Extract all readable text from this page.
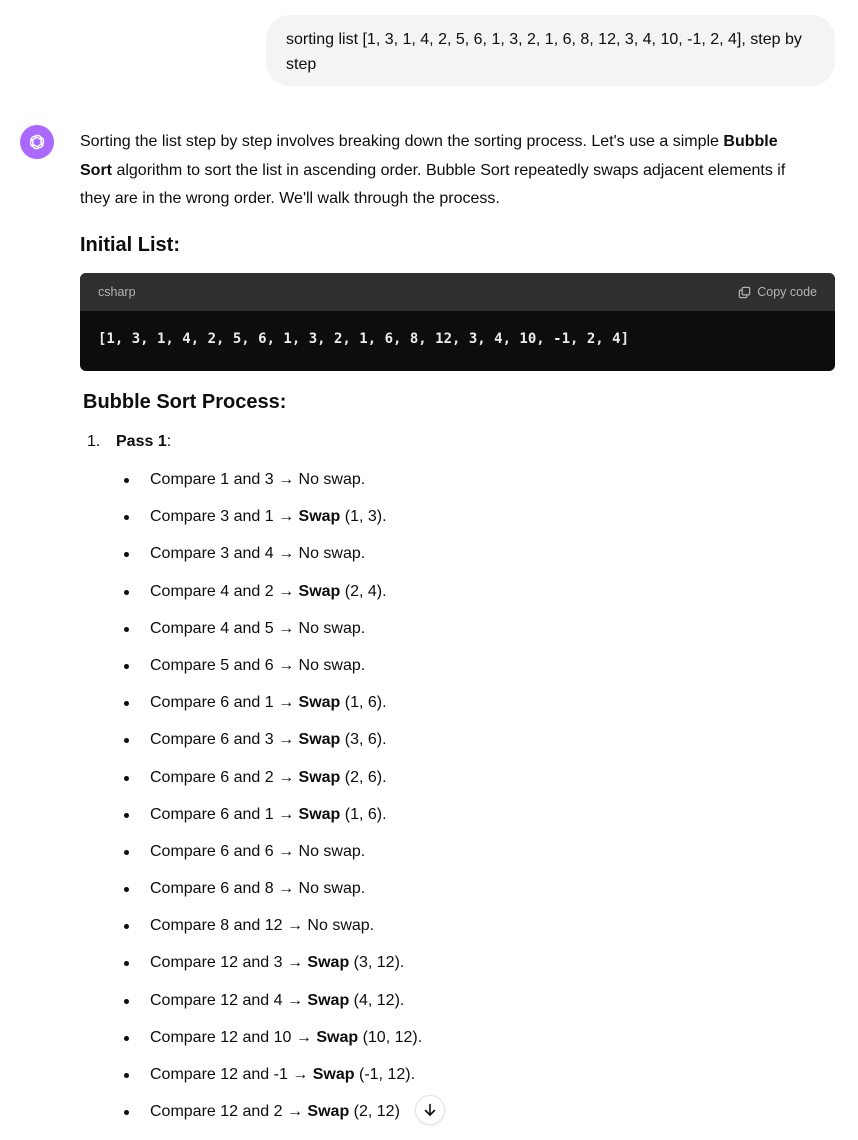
sorting list [1, 3, 1, 4, 2, 5, 6, 1, 3, 2, 1, 6, 8, 12, 3, 4, 10, -1, 2, 4], step by step

Sorting the list step by step involves breaking down the sorting process. Let's use a simple Bubble Sort algorithm to sort the list in ascending order. Bubble Sort repeatedly swaps adjacent elements if they are in the wrong order. We'll walk through the process.

Initial List:
csharp	Copy code
[1, 3, 1, 4, 2, 5, 6, 1, 3, 2, 1, 6, 8, 12, 3, 4, 10, -1, 2, 4]
Bubble Sort Process:
1. Pass 1:
Compare 1 and 3 → No swap.
Compare 3 and 1 → Swap (1, 3).
Compare 3 and 4 → No swap.
Compare 4 and 2 → Swap (2, 4).
Compare 4 and 5 → No swap.
Compare 5 and 6 → No swap.
Compare 6 and 1 → Swap (1, 6).
Compare 6 and 3 → Swap (3, 6).
Compare 6 and 2 → Swap (2, 6).
Compare 6 and 1 → Swap (1, 6).
Compare 6 and 6 → No swap.
Compare 6 and 8 → No swap.
Compare 8 and 12 → No swap.
Compare 12 and 3 → Swap (3, 12).
Compare 12 and 4 → Swap (4, 12).
Compare 12 and 10 → Swap (10, 12).
Compare 12 and -1 → Swap (-1, 12).
Compare 12 and 2 → Swap (2, 12)
